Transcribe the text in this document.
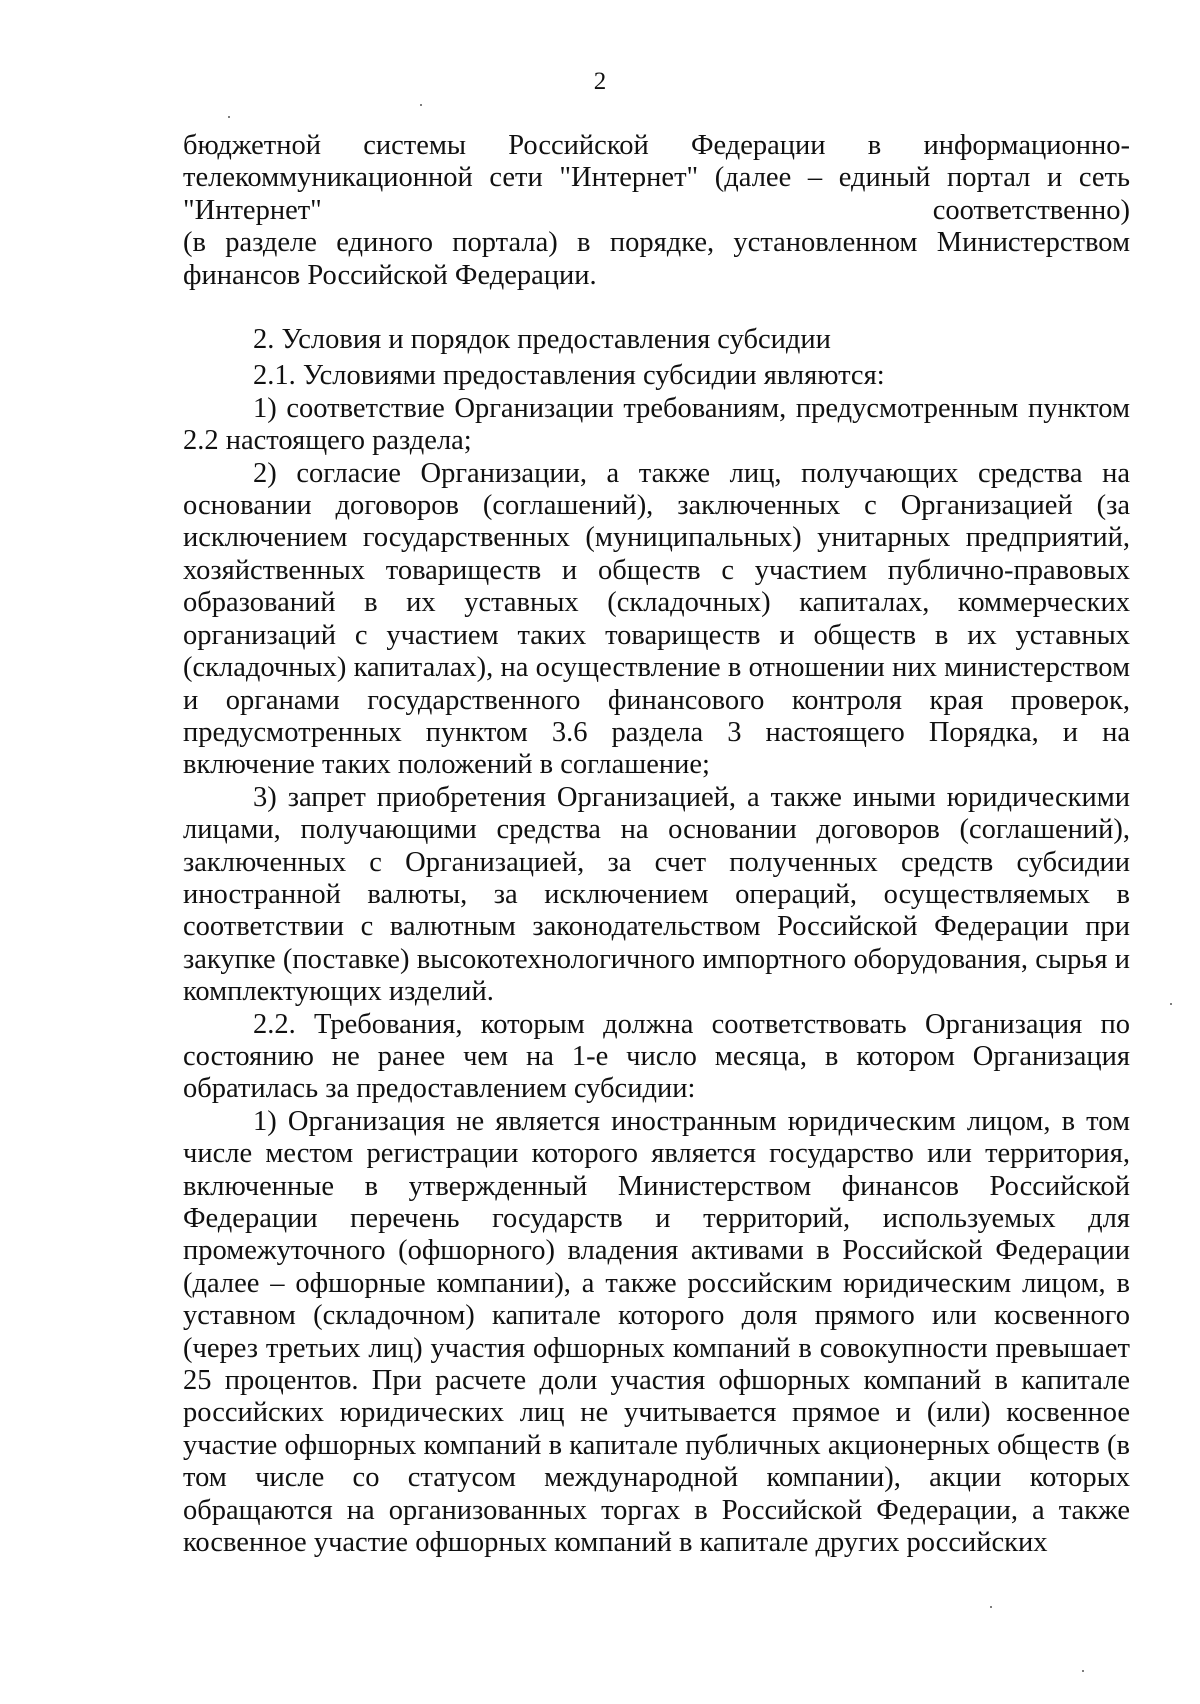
2

бюджетной системы Российской Федерации в информационно-

телекоммуникационной сети "Интернет" (далее – единый портал и сеть

"Интернет"	соответственно)

(в разделе единого портала) в порядке, установленном Министерством финансов Российской Федерации.

2. Условия и порядок предоставления субсидии

2.1. Условиями предоставления субсидии являются:

1) соответствие Организации требованиям, предусмотренным пунктом 2.2 настоящего раздела;

2) согласие Организации, а также лиц, получающих средства на основании договоров (соглашений), заключенных с Организацией (за исключением государственных (муниципальных) унитарных предприятий, хозяйственных товариществ и обществ с участием публично-правовых образований в их уставных (складочных) капиталах, коммерческих организаций с участием таких товариществ и обществ в их уставных (складочных) капиталах), на осуществление в отношении них министерством и органами государственного финансового контроля края проверок, предусмотренных пунктом 3.6 раздела 3 настоящего Порядка, и на включение таких положений в соглашение;

3) запрет приобретения Организацией, а также иными юридическими лицами, получающими средства на основании договоров (соглашений), заключенных с Организацией, за счет полученных средств субсидии иностранной валюты, за исключением операций, осуществляемых в соответствии с валютным законодательством Российской Федерации при закупке (поставке) высокотехнологичного импортного оборудования, сырья и комплектующих изделий.

2.2. Требования, которым должна соответствовать Организация по состоянию не ранее чем на 1-е число месяца, в котором Организация обратилась за предоставлением субсидии:

1) Организация не является иностранным юридическим лицом, в том числе местом регистрации которого является государство или территория, включенные в утвержденный Министерством финансов Российской Федерации перечень государств и территорий, используемых для промежуточного (офшорного) владения активами в Российской Федерации (далее – офшорные компании), а также российским юридическим лицом, в уставном (складочном) капитале которого доля прямого или косвенного (через третьих лиц) участия офшорных компаний в совокупности превышает 25 процентов. При расчете доли участия офшорных компаний в капитале российских юридических лиц не учитывается прямое и (или) косвенное участие офшорных компаний в капитале публичных акционерных обществ (в том числе со статусом международной компании), акции которых обращаются на организованных торгах в Российской Федерации, а также косвенное участие офшорных компаний в капитале других российских
